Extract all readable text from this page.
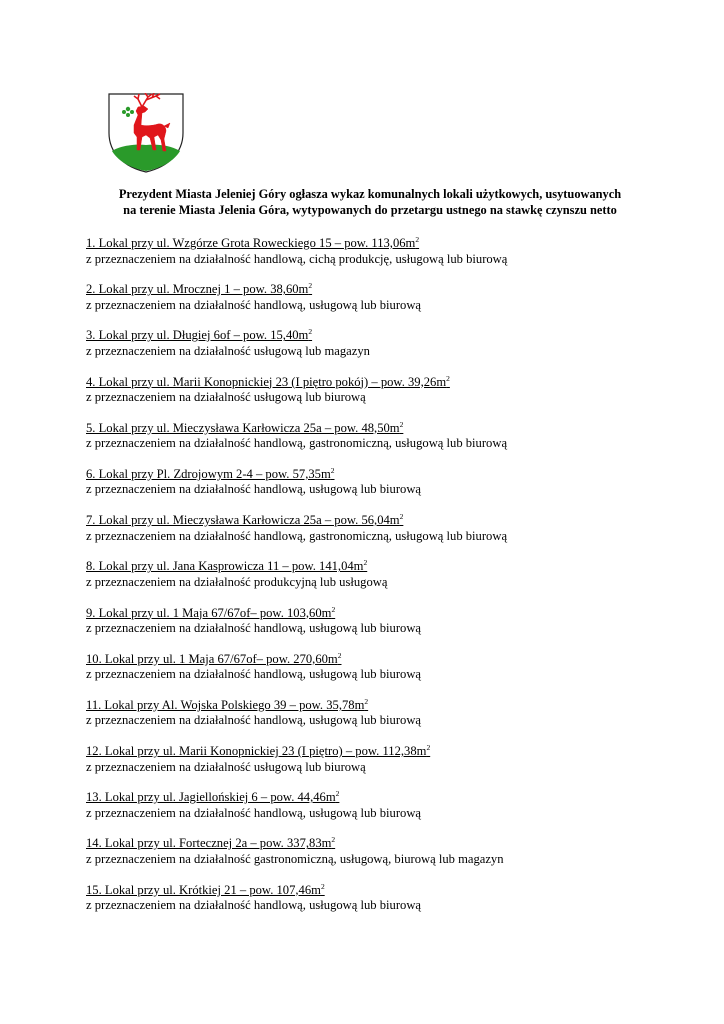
Prezydent Miasta Jeleniej Góry ogłasza wykaz komunalnych lokali użytkowych, usytuowanych
na terenie Miasta Jelenia Góra, wytypowanych do przetargu ustnego na stawkę czynszu netto
1. Lokal przy ul. Wzgórze Grota Roweckiego 15 – pow. $113,06m^2$
z przeznaczeniem na działalność handlową, cichą produkcję, usługową lub biurową
2. Lokal przy ul. Mrocznej 1 – pow. $38,60m^2$
z przeznaczeniem na działalność handlową, usługową lub biurową
3. Lokal przy ul. Długiej 6of – pow. $15,40m^2$
z przeznaczeniem na działalność usługową lub magazyn
4. Lokal przy ul. Marii Konopnickiej 23 (I piętro pokój) – pow. $39,26m^2$
z przeznaczeniem na działalność usługową lub biurową
5. Lokal przy ul. Mieczysława Karłowicza 25a – pow. $48,50m^2$
z przeznaczeniem na działalność handlową, gastronomiczną, usługową lub biurową
6. Lokal przy Pl. Zdrojowym 2-4 – pow. $57,35m^2$
z przeznaczeniem na działalność handlową, usługową lub biurową
7. Lokal przy ul. Mieczysława Karłowicza 25a – pow. $56,04m^2$
z przeznaczeniem na działalność handlową, gastronomiczną, usługową lub biurową
8. Lokal przy ul. Jana Kasprowicza 11 – pow. $141,04m^2$
z przeznaczeniem na działalność produkcyjną lub usługową
9. Lokal przy ul. 1 Maja 67/67of– pow. $103,60m^2$
z przeznaczeniem na działalność handlową, usługową lub biurową
10. Lokal przy ul. 1 Maja 67/67of– pow. $270,60m^2$
z przeznaczeniem na działalność handlową, usługową lub biurową
11. Lokal przy Al. Wojska Polskiego 39 – pow. $35,78m^2$
z przeznaczeniem na działalność handlową, usługową lub biurową
12. Lokal przy ul. Marii Konopnickiej 23 (I piętro) – pow. $112,38m^2$
z przeznaczeniem na działalność usługową lub biurową
13. Lokal przy ul. Jagiellońskiej 6 – pow. $44,46m^2$
z przeznaczeniem na działalność handlową, usługową lub biurową
14. Lokal przy ul. Fortecznej 2a – pow. $337,83m^2$
z przeznaczeniem na działalność gastronomiczną, usługową, biurową lub magazyn
15. Lokal przy ul. Krótkiej 21 – pow. $107,46m^2$
z przeznaczeniem na działalność handlową, usługową lub biurową
